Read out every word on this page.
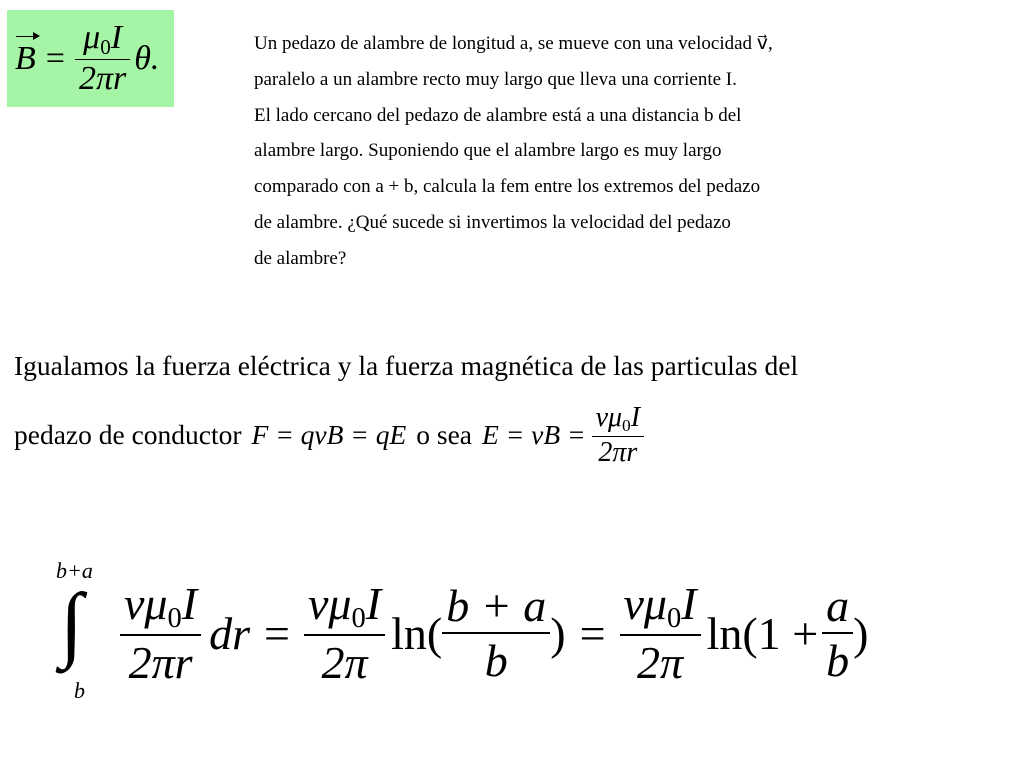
$B = \frac{\mu_0I}{2\pi r} \theta$.	Un pedazo de alambre de longitud a, se mueve con una velocidad v⃗,
paralelo a un alambre recto muy largo que lleva una corriente I.
El lado cercano del pedazo de alambre está a una distancia b del
alambre largo. Suponiendo que el alambre largo es muy largo
comparado con a + b, calcula la fem entre los extremos del pedazo
de alambre. ¿Qué sucede si invertimos la velocidad del pedazo
de alambre?
Igualamos la fuerza eléctrica y la fuerza magnética de las particulas del
pedazo de conductor F = qvB = qE o sea E = vB = $\frac{v\mu_0I}{2\pi r}$
b+a
∫
b
$\frac{v\mu_0I}{2\pi r}$ dr = $\frac{v\mu_0I}{2\pi} \ln( \frac{b + a}{b}$ ) = $\frac{v\mu_0I}{2\pi} \ln(1 + \frac{a}{b}$ )
